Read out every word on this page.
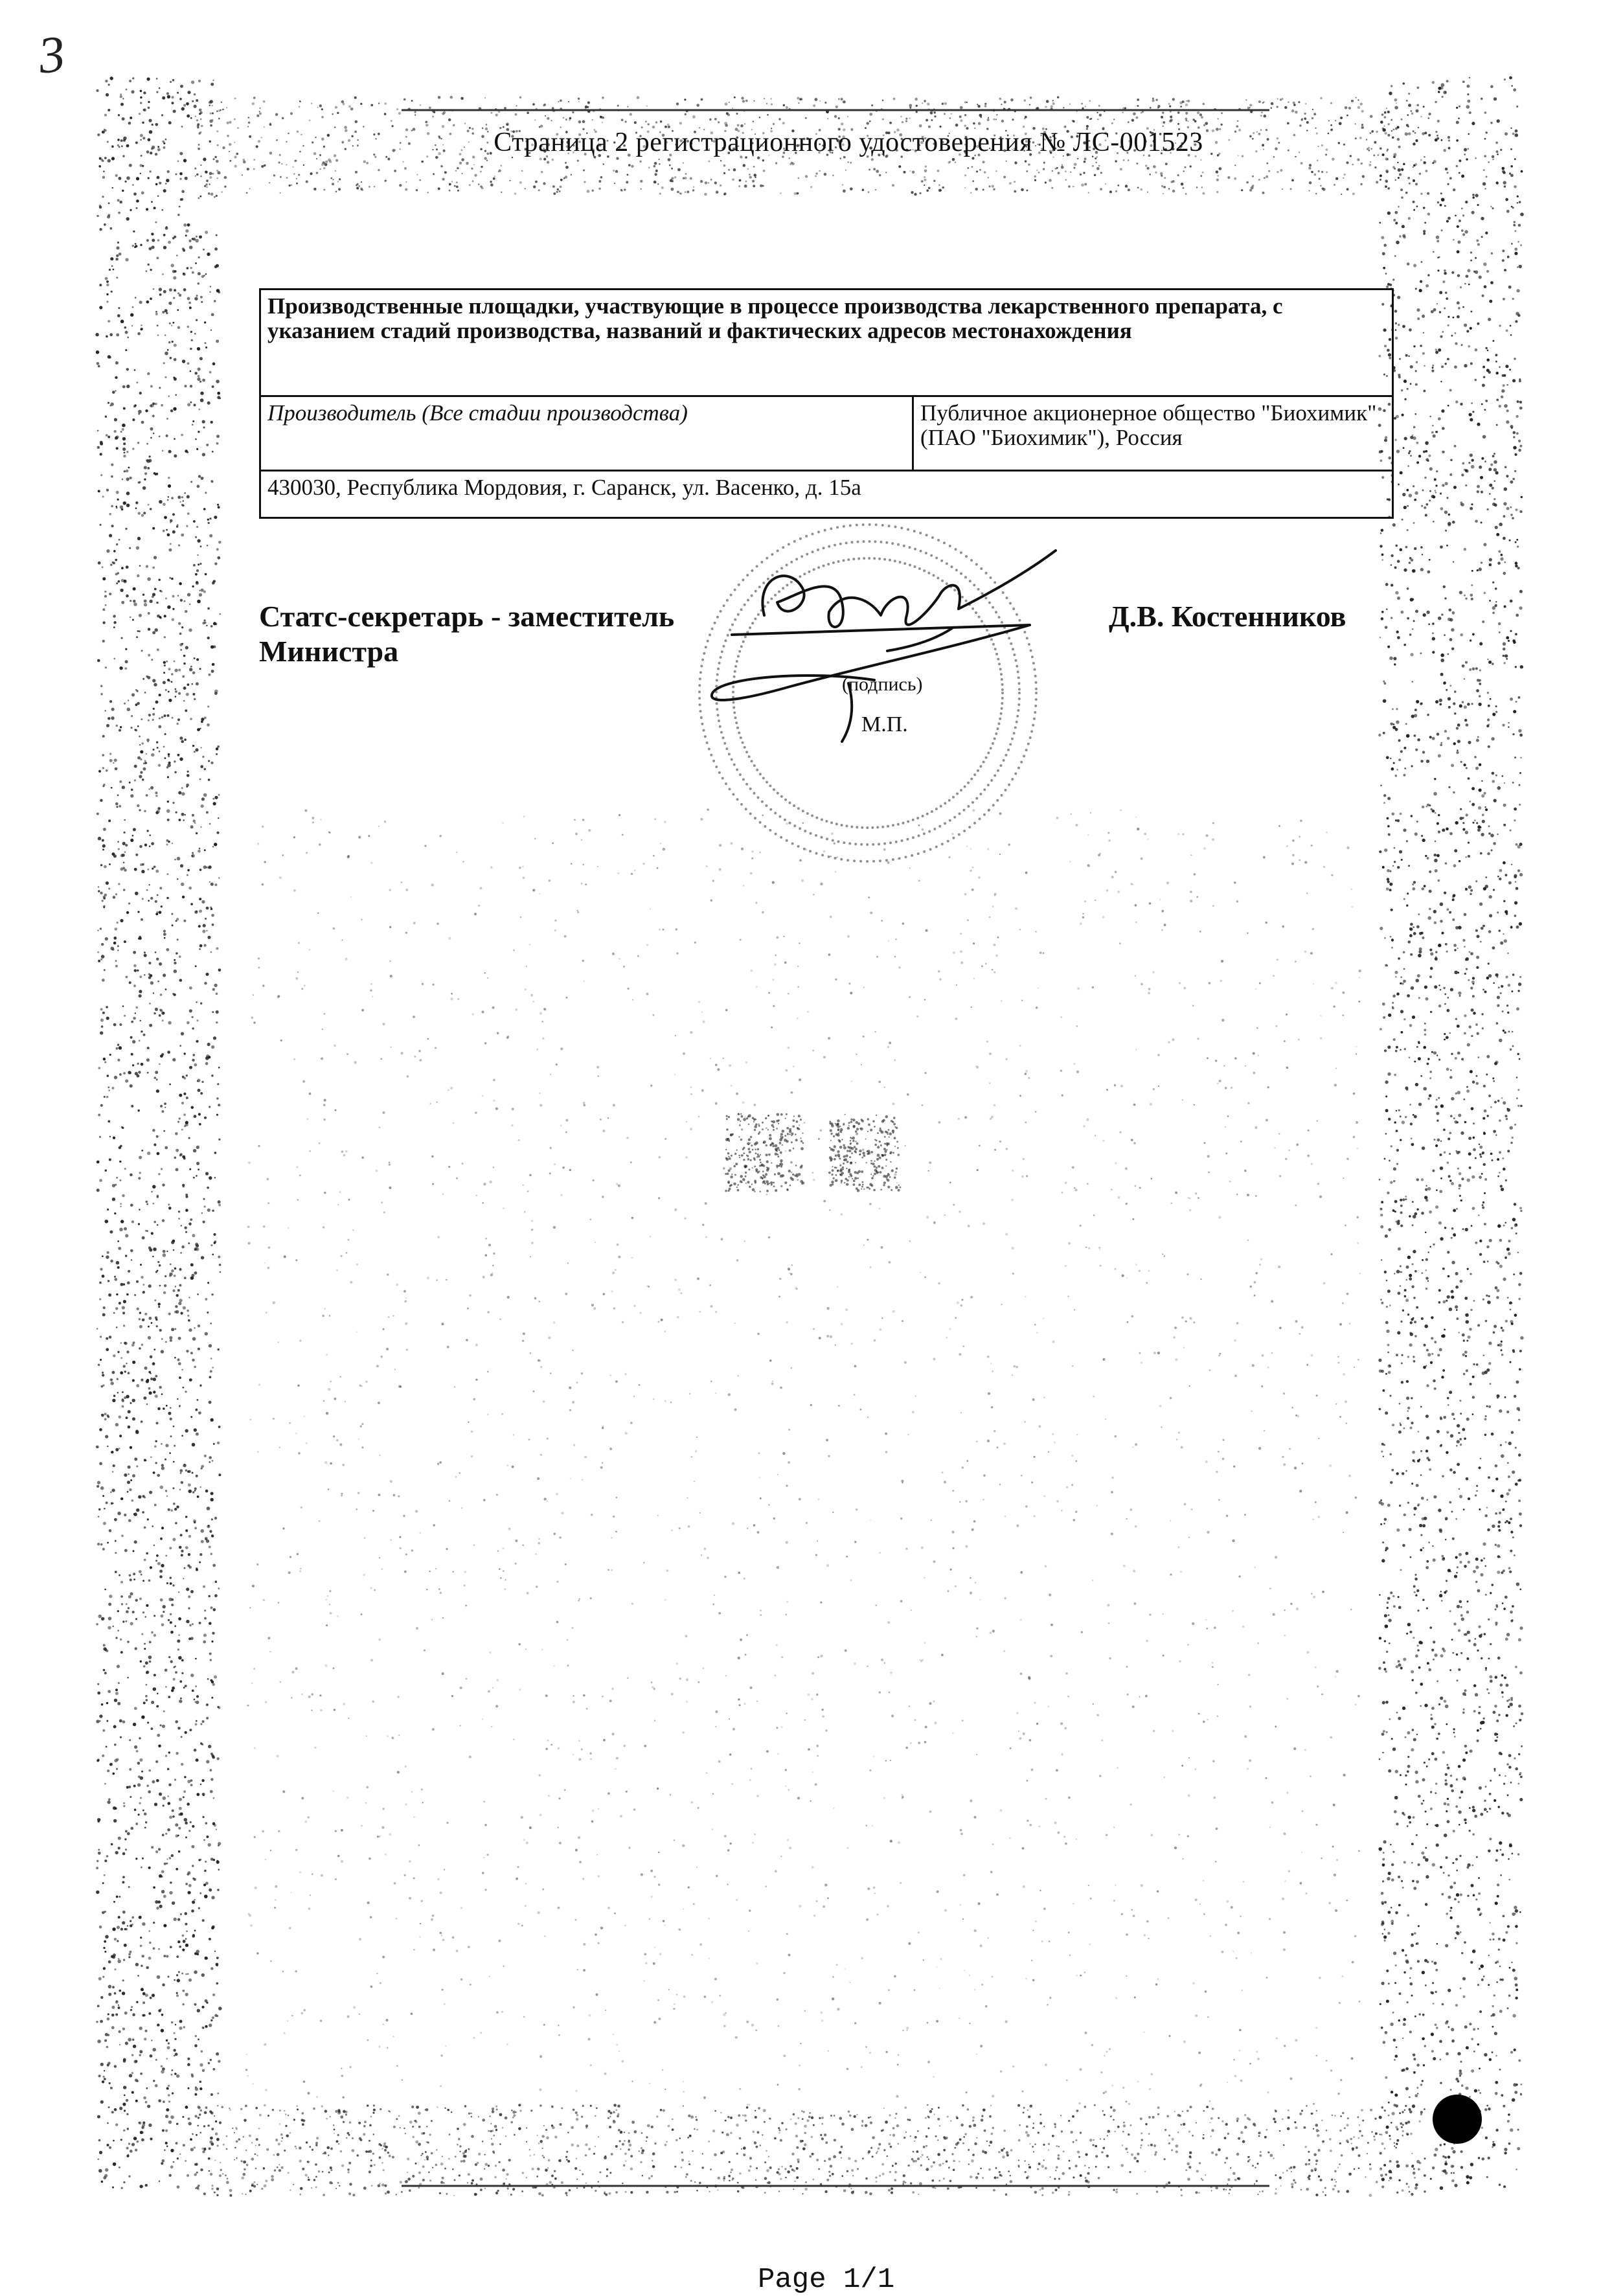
3
Страница 2 регистрационного удостоверения № ЛС-001523
Производственные площадки, участвующие в процессе производства лекарственного препарата, с указанием стадий производства, названий и фактических адресов местонахождения
Производитель (Все стадии производства)	Публичное акционерное общество "Биохимик" (ПАО "Биохимик"), Россия
430030, Республика Мордовия, г. Саранск, ул. Васенко, д. 15а
Статс-секретарь - заместитель Министра
Д.В. Костенников
(подпись)
М.П.
Page 1/1
